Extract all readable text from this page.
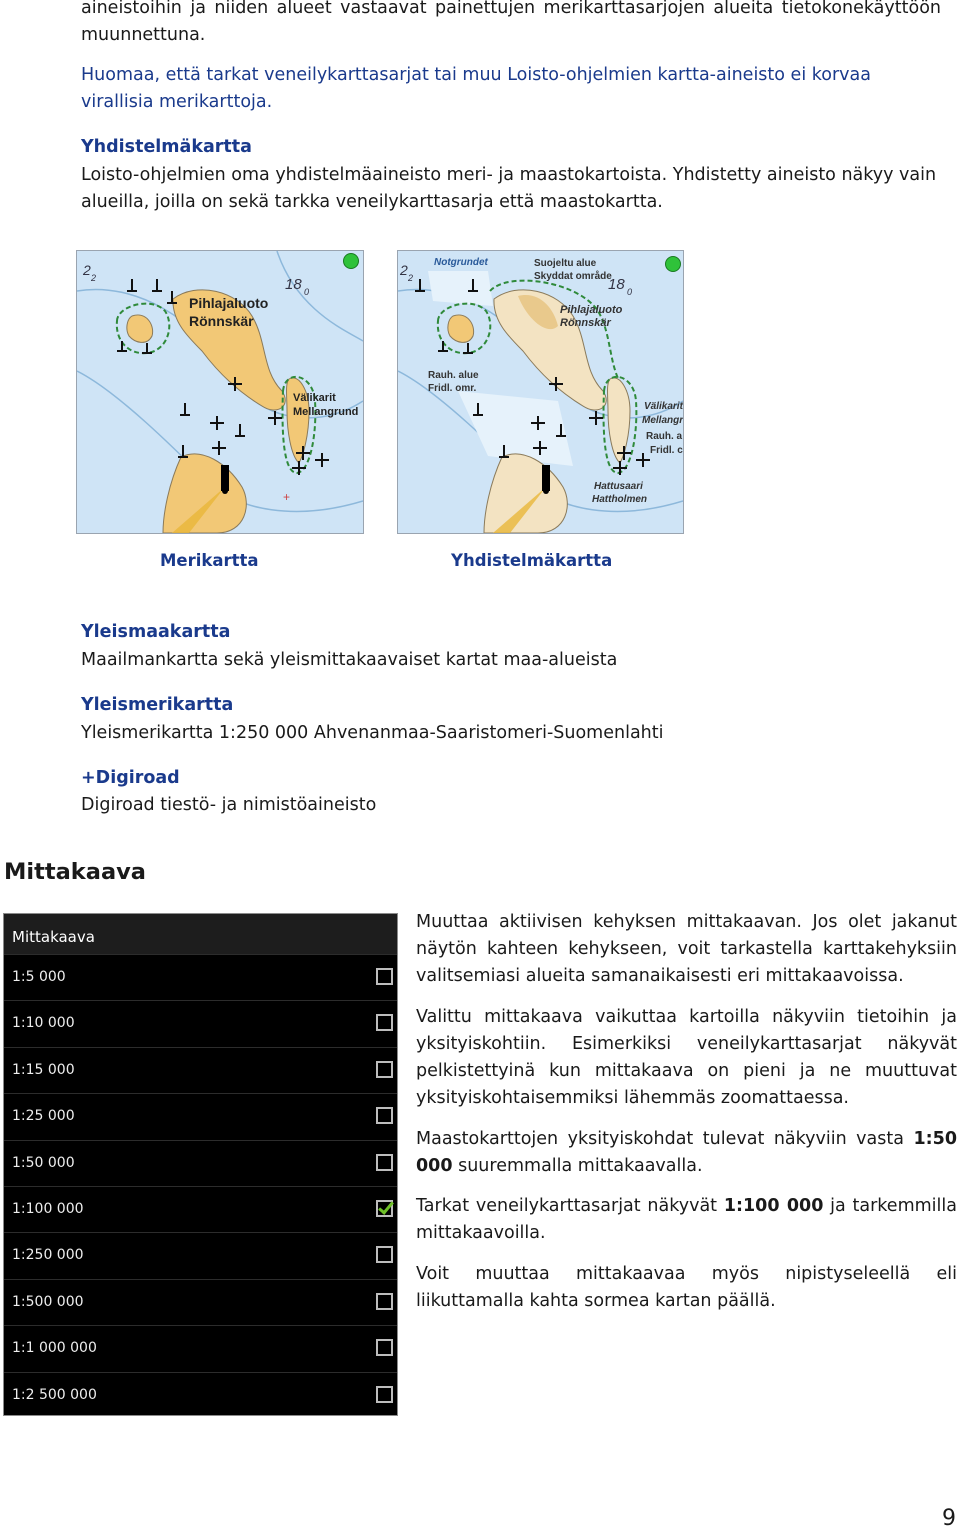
aineistoihin ja niiden alueet vastaavat painettujen merikarttasarjojen alueita tietokonekäyttöön muunnettuna.

Huomaa, että tarkat veneilykarttasarjat tai muu Loisto-ohjelmien kartta-aineisto ei korvaa virallisia merikarttoja.

Yhdistelmäkartta

Loisto-ohjelmien oma yhdistelmäaineisto meri- ja maastokartoista. Yhdistetty aineisto näkyy vain alueilla, joilla on sekä tarkka veneilykarttasarja että maastokartta.

+
2 2	18 0
Pihlajaluoto
Rönnskär
Välikarit
Mellangrund
Merikartta
2 2	18 0
Notgrundet	Suojeltu alue
Skyddat område
Pihlajaluoto
Rönnskär
Rauh. alue
Fridl. omr.
Välikarit
Mellangr
Rauh. a
Fridl. c
Hattusaari
Hattholmen
Yhdistelmäkartta
Yleismaakartta
Maailmankartta sekä yleismittakaavaiset kartat maa-alueista
Yleismerikartta
Yleismerikartta 1:250 000 Ahvenanmaa-Saaristomeri-Suomenlahti
+Digiroad
Digiroad tiestö- ja nimistöaineisto
Mittakaava
Mittakaava
1:5 000
1:10 000
1:15 000
1:25 000
1:50 000
1:100 000
1:250 000
1:500 000
1:1 000 000
1:2 500 000

Muuttaa aktiivisen kehyksen mittakaavan. Jos olet jakanut näytön kahteen kehykseen, voit tarkastella karttakehyksiin valitsemiasi alueita samanaikaisesti eri mittakaavoissa.

Valittu mittakaava vaikuttaa kartoilla näkyviin tietoihin ja yksityiskohtiin. Esimerkiksi veneilykarttasarjat näkyvät pelkistettyinä kun mittakaava on pieni ja ne muuttuvat yksityiskohtaisemmiksi lähemmäs zoomattaessa.

Maastokarttojen yksityiskohdat tulevat näkyviin vasta 1:50 000 suuremmalla mittakaavalla.

Tarkat veneilykarttasarjat näkyvät 1:100 000 ja tarkemmilla mittakaavoilla.

Voit muuttaa mittakaavaa myös nipistyseleellä eli liikuttamalla kahta sormea kartan päällä.

9
